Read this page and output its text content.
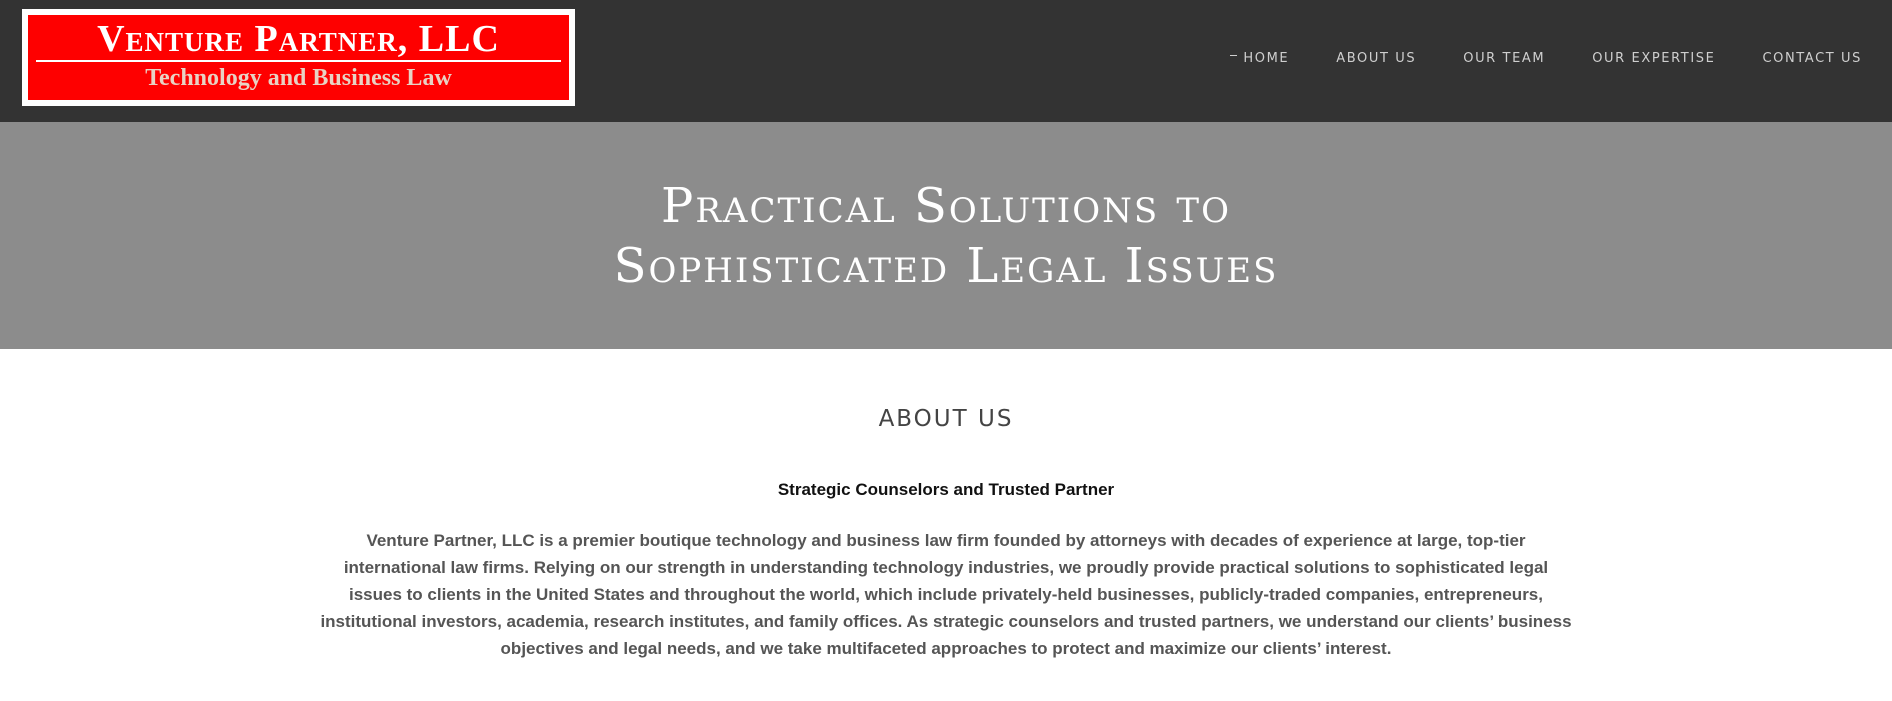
Venture Partner, LLC
Technology and Business Law
HOME	ABOUT US	OUR TEAM	OUR EXPERTISE	CONTACT US
Practical Solutions to
Sophisticated Legal Issues
ABOUT US
Strategic Counselors and Trusted Partner

Venture Partner, LLC is a premier boutique technology and business law firm founded by attorneys with decades of experience at large, top-tier international law firms. Relying on our strength in understanding technology industries, we proudly provide practical solutions to sophisticated legal issues to clients in the United States and throughout the world, which include privately-held businesses, publicly-traded companies, entrepreneurs, institutional investors, academia, research institutes, and family offices. As strategic counselors and trusted partners, we understand our clients’ business objectives and legal needs, and we take multifaceted approaches to protect and maximize our clients’ interest.
